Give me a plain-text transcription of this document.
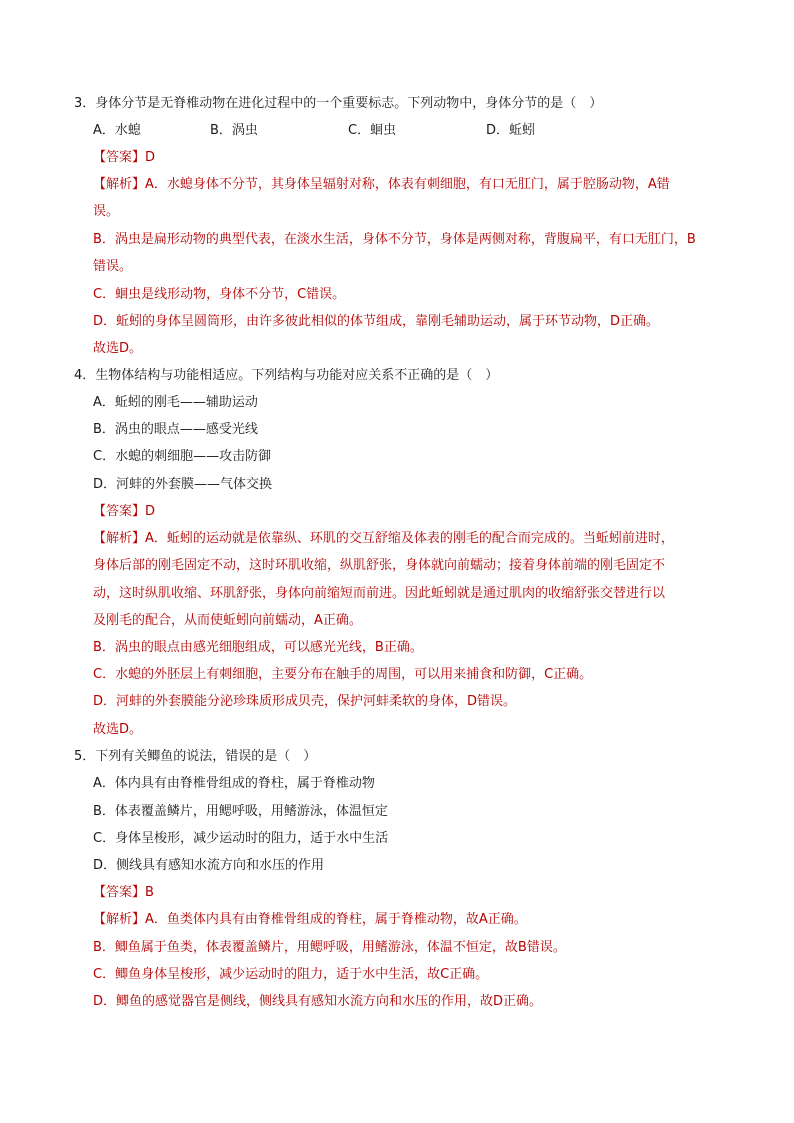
3．身体分节是无脊椎动物在进化过程中的一个重要标志。下列动物中，身体分节的是（　）
A．水螅	B．涡虫	C．蛔虫	D．蚯蚓
【答案】D
【解析】A．水螅身体不分节，其身体呈辐射对称，体表有刺细胞，有口无肛门，属于腔肠动物，A错
误。
B．涡虫是扁形动物的典型代表，在淡水生活，身体不分节，身体是两侧对称，背腹扁平，有口无肛门，B
错误。
C．蛔虫是线形动物，身体不分节，C错误。
D．蚯蚓的身体呈圆筒形，由许多彼此相似的体节组成，靠刚毛辅助运动，属于环节动物，D正确。
故选D。
4．生物体结构与功能相适应。下列结构与功能对应关系不正确的是（　）
A．蚯蚓的刚毛——辅助运动
B．涡虫的眼点——感受光线
C．水螅的刺细胞——攻击防御
D．河蚌的外套膜——气体交换
【答案】D
【解析】A．蚯蚓的运动就是依靠纵、环肌的交互舒缩及体表的刚毛的配合而完成的。当蚯蚓前进时，
身体后部的刚毛固定不动，这时环肌收缩，纵肌舒张，身体就向前蠕动；接着身体前端的刚毛固定不
动，这时纵肌收缩、环肌舒张，身体向前缩短而前进。因此蚯蚓就是通过肌肉的收缩舒张交替进行以
及刚毛的配合，从而使蚯蚓向前蠕动，A正确。
B．涡虫的眼点由感光细胞组成，可以感光光线，B正确。
C．水螅的外胚层上有刺细胞，主要分布在触手的周围，可以用来捕食和防御，C正确。
D．河蚌的外套膜能分泌珍珠质形成贝壳，保护河蚌柔软的身体，D错误。
故选D。
5．下列有关鲫鱼的说法，错误的是（　）
A．体内具有由脊椎骨组成的脊柱，属于脊椎动物
B．体表覆盖鳞片，用鳃呼吸，用鳍游泳，体温恒定
C．身体呈梭形，减少运动时的阻力，适于水中生活
D．侧线具有感知水流方向和水压的作用
【答案】B
【解析】A．鱼类体内具有由脊椎骨组成的脊柱，属于脊椎动物，故A正确。
B．鲫鱼属于鱼类，体表覆盖鳞片，用鳃呼吸，用鳍游泳，体温不恒定，故B错误。
C．鲫鱼身体呈梭形，减少运动时的阻力，适于水中生活，故C正确。
D．鲫鱼的感觉器官是侧线，侧线具有感知水流方向和水压的作用，故D正确。
